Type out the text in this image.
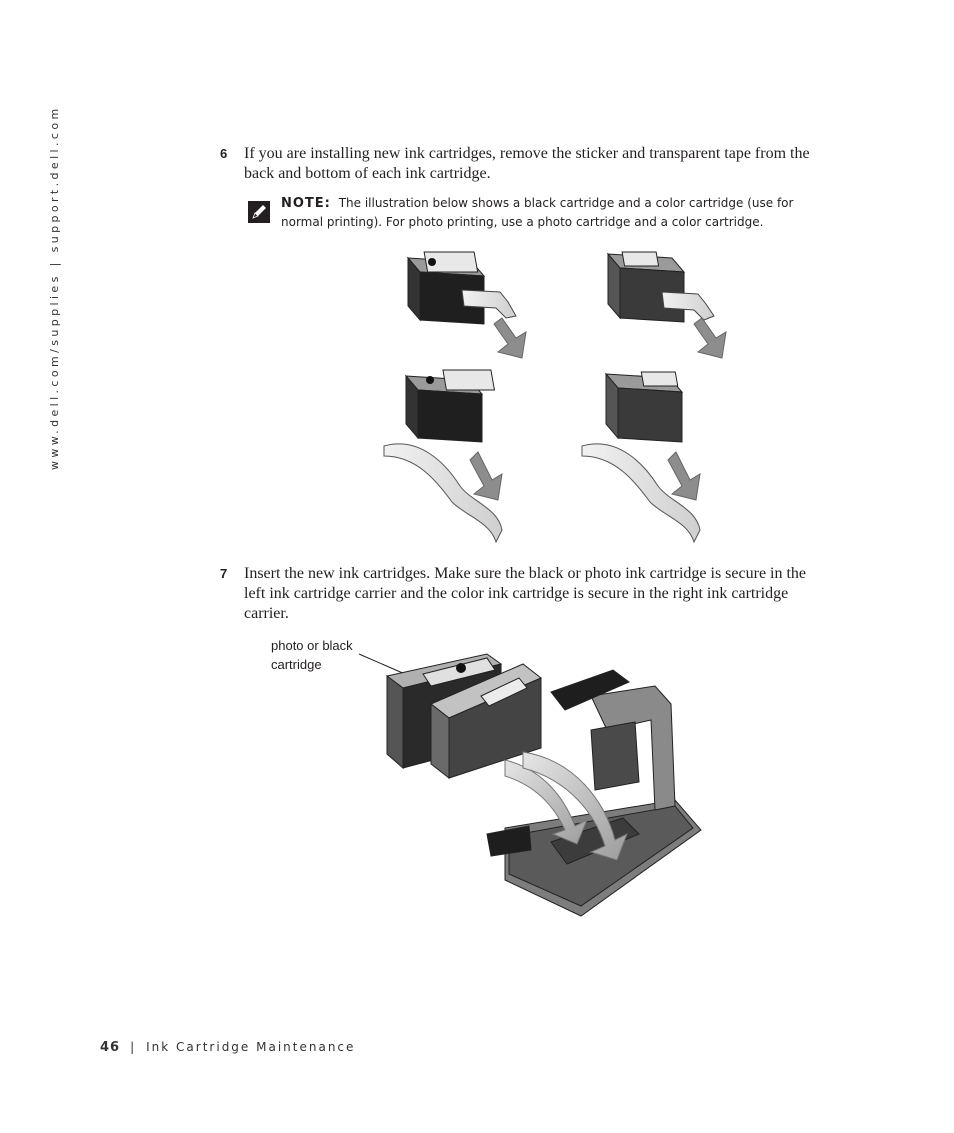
www.dell.com/supplies | support.dell.com	6	If you are installing new ink cartridges, remove the sticker and transparent tape from the back and bottom of each ink cartridge.
NOTE: The illustration below shows a black cartridge and a color cartridge (use for normal printing). For photo printing, use a photo cartridge and a color cartridge.
7	Insert the new ink cartridges. Make sure the black or photo ink cartridge is secure in the left ink cartridge carrier and the color ink cartridge is secure in the right ink cartridge carrier.
photo or black cartridge
46 | Ink Cartridge Maintenance
